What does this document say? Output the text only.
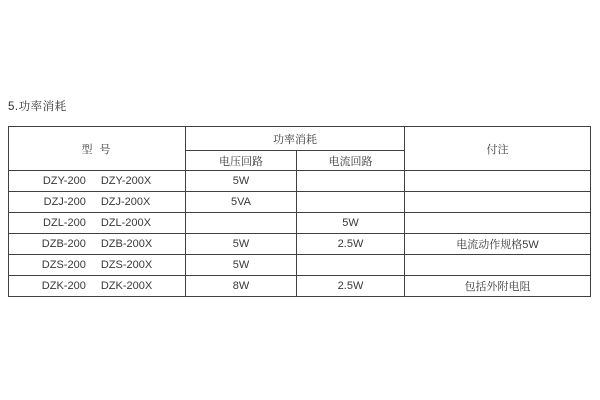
5.功率消耗
型 号	功率消耗		付注
	电压回路	电流回路	
DZY-200 DZY-200X	5W		
DZJ-200 DZJ-200X	5VA		
DZL-200 DZL-200X		5W	
DZB-200 DZB-200X	5W	2.5W	电流动作规格5W
DZS-200 DZS-200X	5W		
DZK-200 DZK-200X	8W	2.5W	包括外附电阻
